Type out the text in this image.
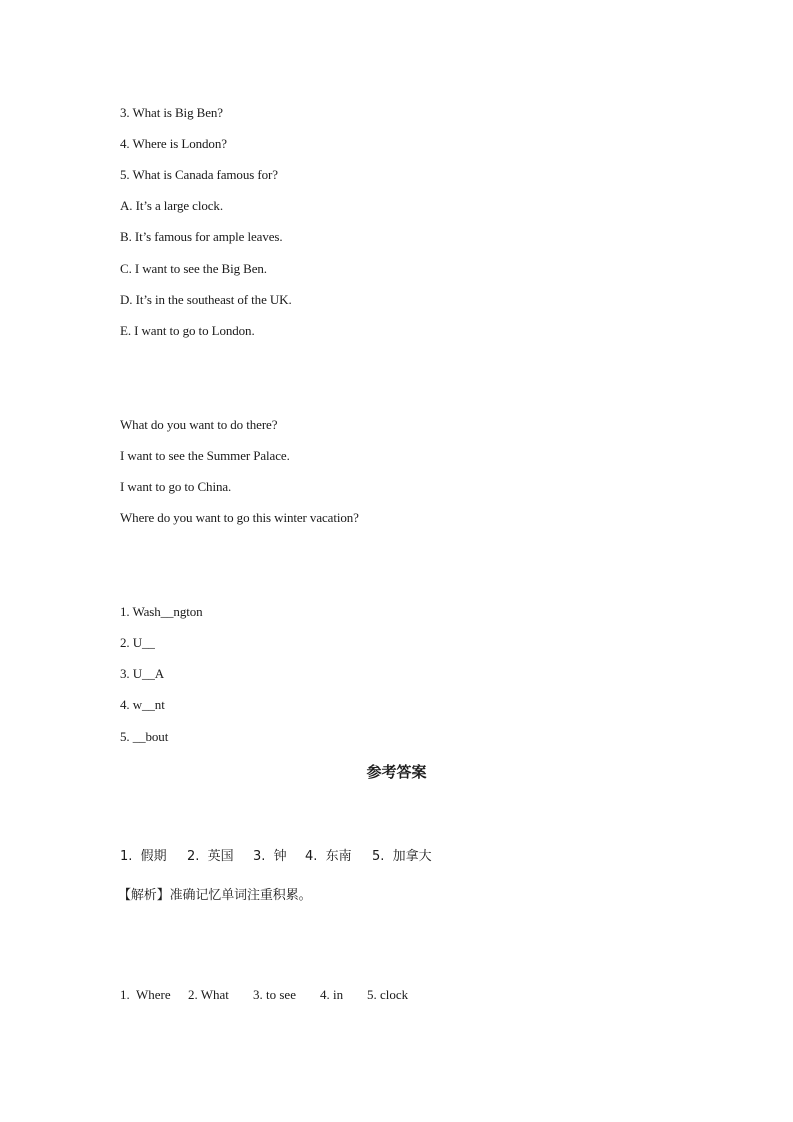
3. What is Big Ben?
4. Where is London?
5. What is Canada famous for?
A. It’s a large clock.
B. It’s famous for ample leaves.
C. I want to see the Big Ben.
D. It’s in the southeast of the UK.
E. I want to go to London.
What do you want to do there?
I want to see the Summer Palace.
I want to go to China.
Where do you want to go this winter vacation?
1. Wash__ngton
2. U__
3. U__A
4. w__nt
5. __bout
参考答案
1.  假期	2.  英国	3.  钟	4.  东南	5.  加拿大
【解析】准确记忆单词注重积累。
1.  Where	2. What	3. to see	4. in	5. clock
